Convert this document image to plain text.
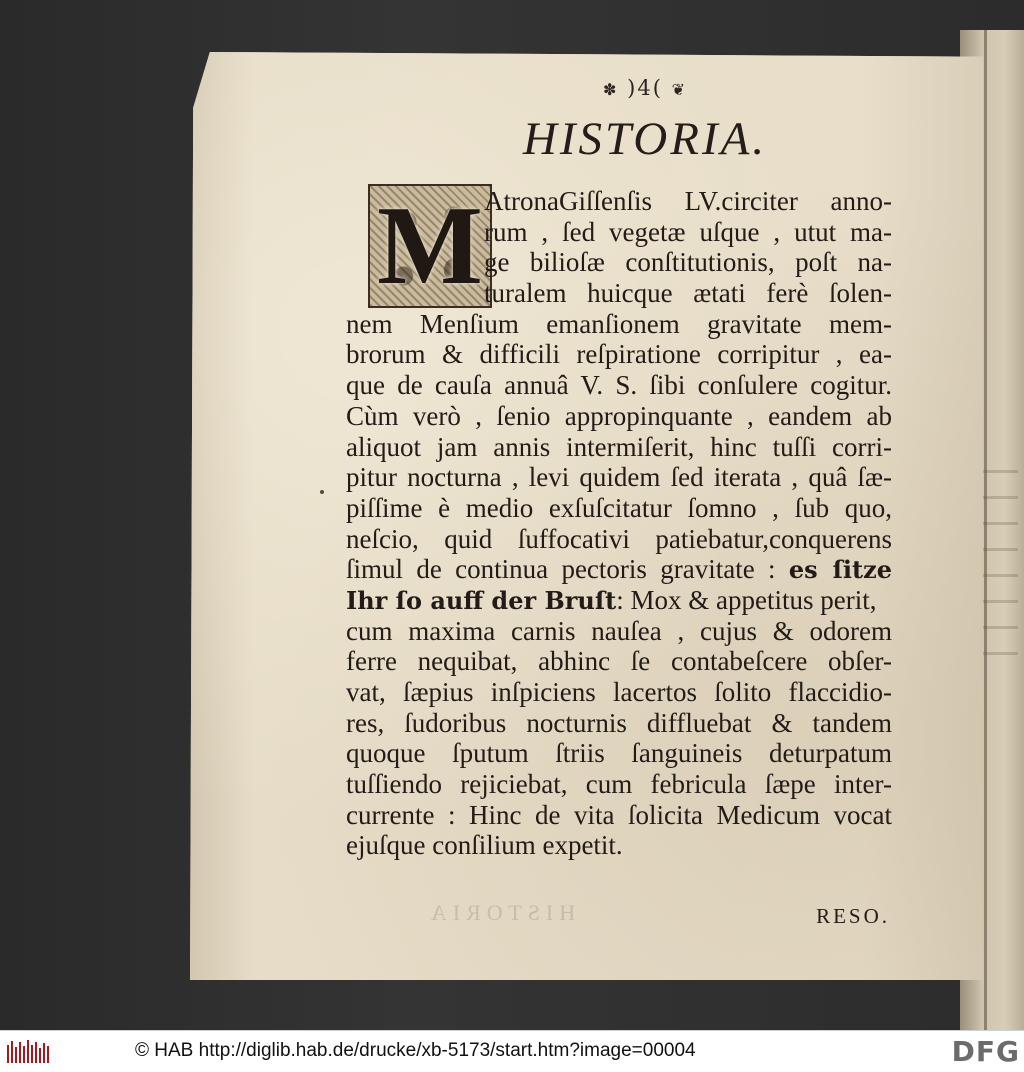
✽ )4( ❦
HISTORIA.
M AtronaGiſſenſis LV.circiter anno-
rum , ſed vegetæ uſque , utut ma-
ge bilioſæ conſtitutionis, poſt na-
turalem huicque ætati ferè ſolen-
nem Menſium emanſionem gravitate mem-
brorum & difficili reſpiratione corripitur , ea-
que de cauſa annuâ V. S. ſibi conſulere cogitur.
Cùm verò , ſenio appropinquante , eandem ab
aliquot jam annis intermiſerit, hinc tuſſi corri-
pitur nocturna , levi quidem ſed iterata , quâ ſæ-
piſſime è medio exſuſcitatur ſomno , ſub quo,
neſcio, quid ſuffocativi patiebatur,conquerens
ſimul de continua pectoris gravitate : es ſitze
Ihr ſo auff der Bruſt: Mox & appetitus perit,
cum maxima carnis nauſea , cujus & odorem
ferre nequibat, abhinc ſe contabeſcere obſer-
vat, ſæpius inſpiciens lacertos ſolito flaccidio-
res, ſudoribus nocturnis diffluebat & tandem
quoque ſputum ſtriis ſanguineis deturpatum
tuſſiendo rejiciebat, cum febricula ſæpe inter-
currente : Hinc de vita ſolicita Medicum vocat
ejuſque conſilium expetit.
HISTORIA	RESO.
© HAB http://diglib.hab.de/drucke/xb-5173/start.htm?image=00004	DFG
